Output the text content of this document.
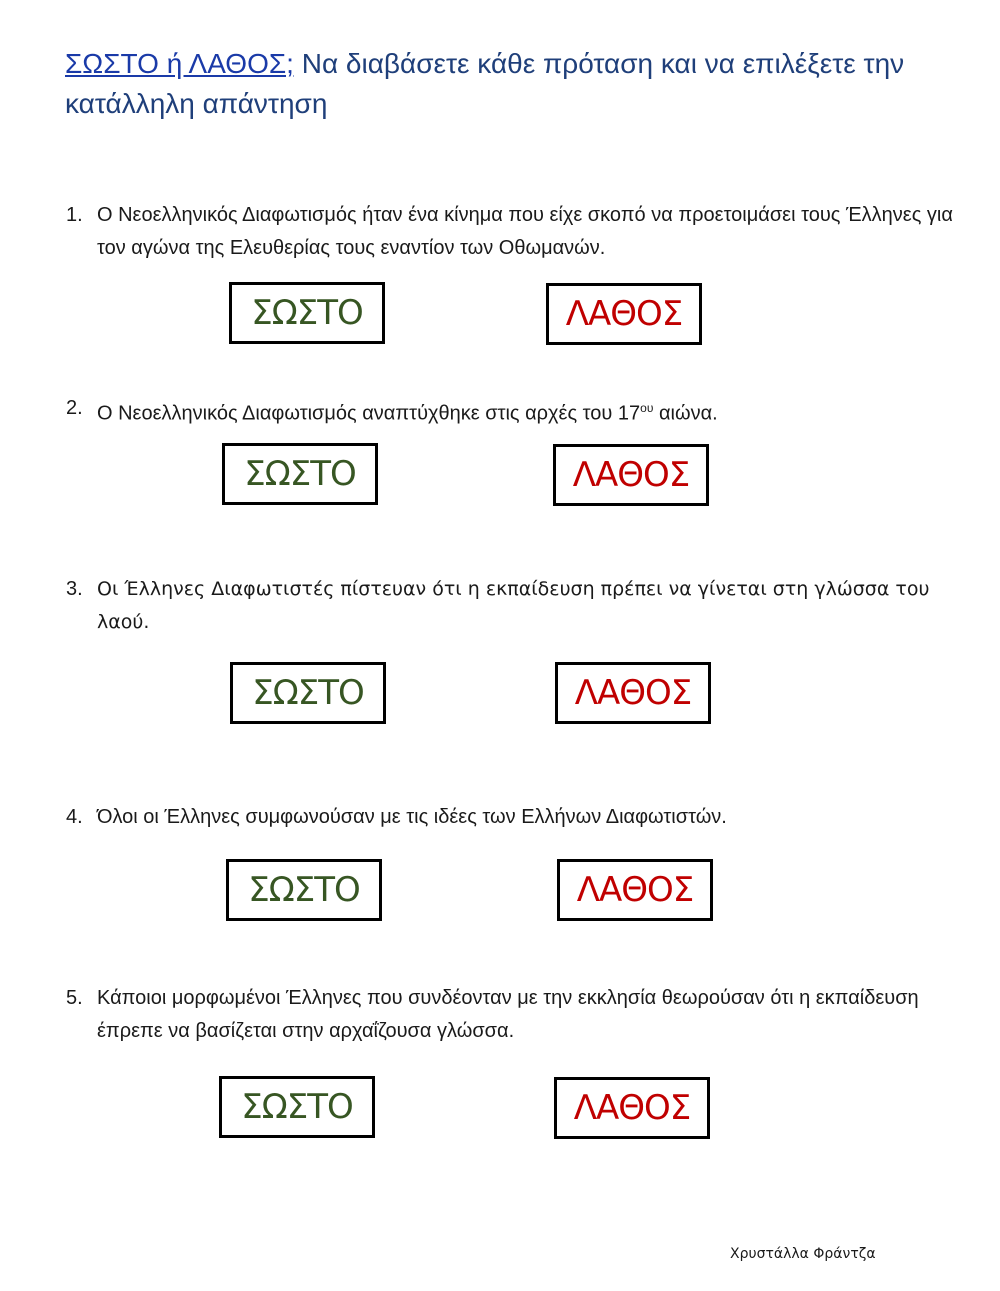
ΣΩΣΤΟ ή ΛΑΘΟΣ; Να διαβάσετε κάθε πρόταση και να επιλέξετε την κατάλληλη απάντηση
1. Ο Νεοελληνικός Διαφωτισμός ήταν ένα κίνημα που είχε σκοπό να προετοιμάσει τους Έλληνες για τον αγώνα της Ελευθερίας τους εναντίον των Οθωμανών.
ΣΩΣΤΟ	ΛΑΘΟΣ
2. Ο Νεοελληνικός Διαφωτισμός αναπτύχθηκε στις αρχές του $17^{o\upsilon}$ αιώνα.
ΣΩΣΤΟ	ΛΑΘΟΣ
3. Οι Έλληνες Διαφωτιστές πίστευαν ότι η εκπαίδευση πρέπει να γίνεται στη γλώσσα του λαού.
ΣΩΣΤΟ	ΛΑΘΟΣ
4. Όλοι οι Έλληνες συμφωνούσαν με τις ιδέες των Ελλήνων Διαφωτιστών.
ΣΩΣΤΟ	ΛΑΘΟΣ
5. Κάποιοι μορφωμένοι Έλληνες που συνδέονταν με την εκκλησία θεωρούσαν ότι η εκπαίδευση έπρεπε να βασίζεται στην αρχαΐζουσα γλώσσα.
ΣΩΣΤΟ	ΛΑΘΟΣ
Χρυστάλλα Φράντζα
